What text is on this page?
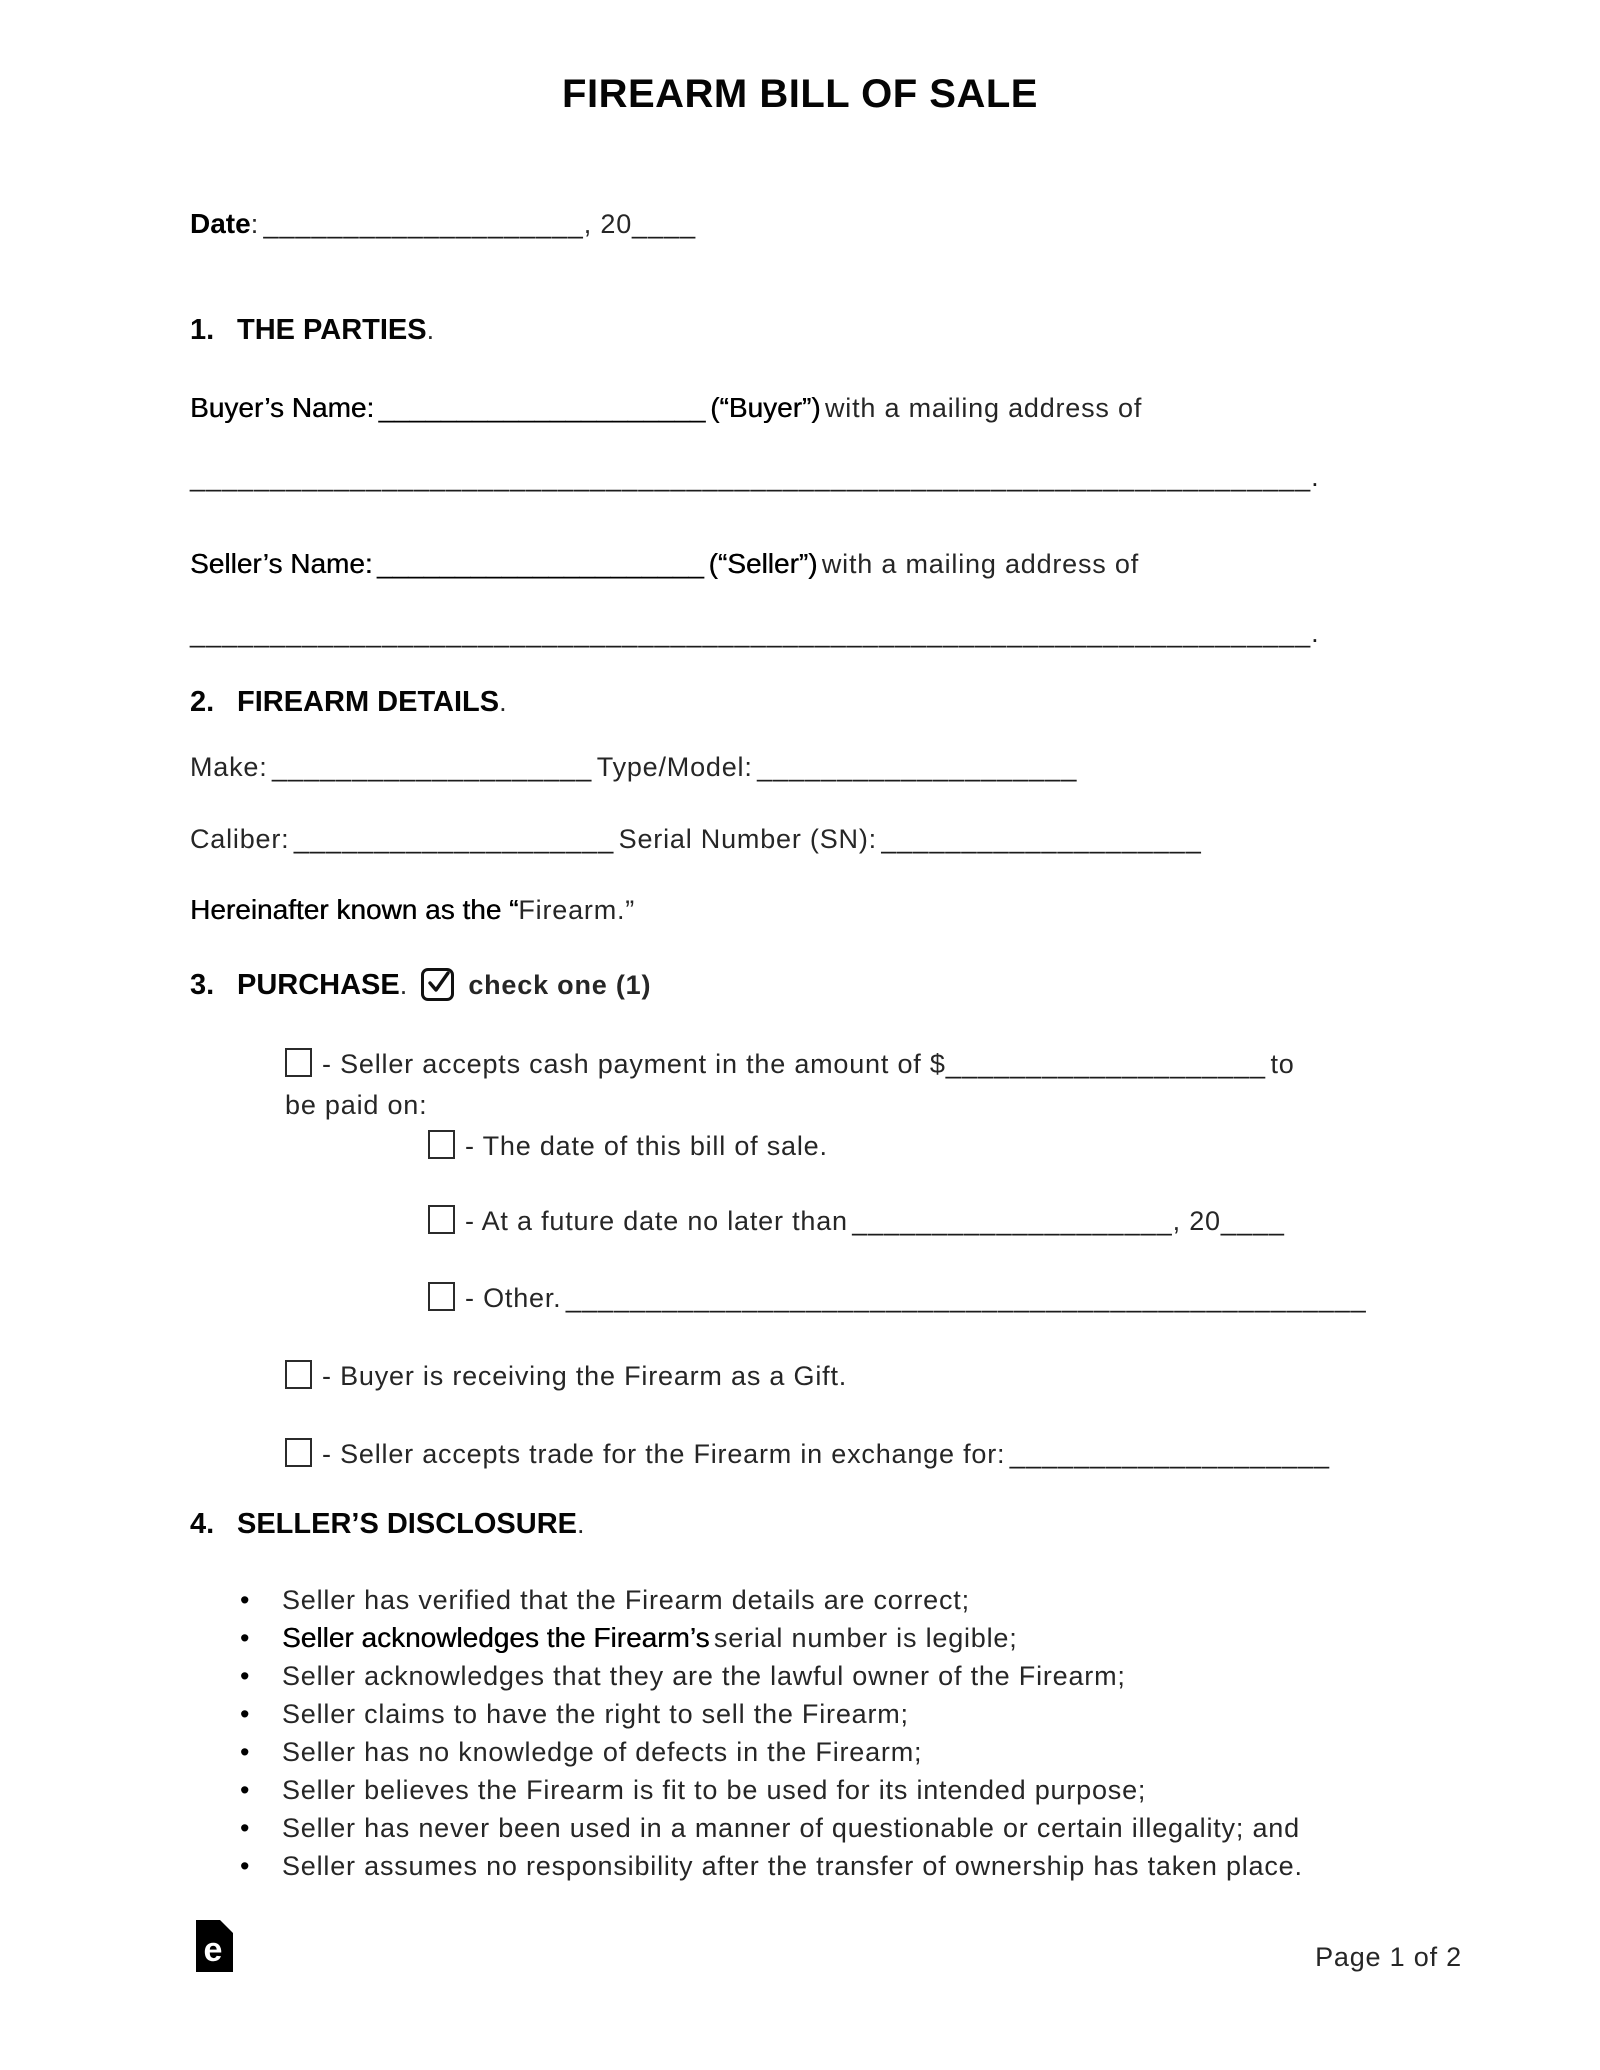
FIREARM BILL OF SALE
Date: ____________________, 20____
1. THE PARTIES.
Buyer’s Name: _____________________ (“Buyer”) with a mailing address of
______________________________________________________________________.
Seller’s Name: _____________________ (“Seller”) with a mailing address of
______________________________________________________________________.
2. FIREARM DETAILS.
Make: ____________________ Type/Model: ____________________
Caliber: ____________________ Serial Number (SN): ____________________
Hereinafter known as the “Firearm.”
3. PURCHASE. check one (1)
- Seller accepts cash payment in the amount of $____________________ to
be paid on:
- The date of this bill of sale.
- At a future date no later than ____________________, 20____
- Other. __________________________________________________
- Buyer is receiving the Firearm as a Gift.
- Seller accepts trade for the Firearm in exchange for: ____________________
4. SELLER’S DISCLOSURE.
• Seller has verified that the Firearm details are correct;
• Seller acknowledges the Firearm’s serial number is legible;
• Seller acknowledges that they are the lawful owner of the Firearm;
• Seller claims to have the right to sell the Firearm;
• Seller has no knowledge of defects in the Firearm;
• Seller believes the Firearm is fit to be used for its intended purpose;
• Seller has never been used in a manner of questionable or certain illegality; and
• Seller assumes no responsibility after the transfer of ownership has taken place.
e	Page 1 of 2
